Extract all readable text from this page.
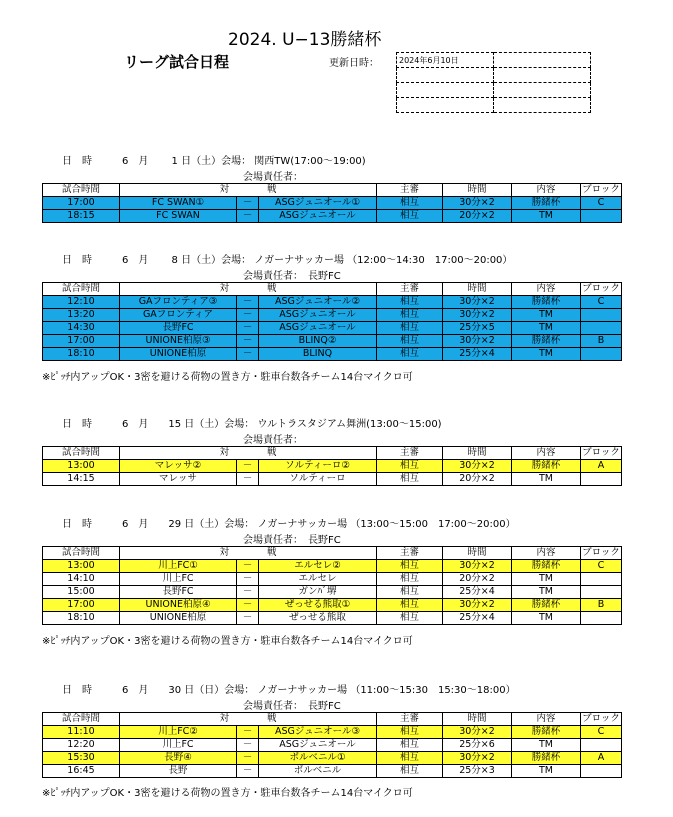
2024. U−13勝緒杯
リーグ試合日程	更新日時：	2024年6月10日	

日　時　　　6　月　　 1 日（土）会場： 関西TW(17:00～19:00)
会場責任者：
試合時間	対　　　　戦			主審	時間	内容	ブロック
17:00	FC SWAN①	－	ASGジュニオール①	相互	30分×2	勝緒杯	C
18:15	FC SWAN	－	ASGジュニオール	相互	20分×2	TM	
日　時　　　6　月　　 8 日（土）会場： ノガーナサッカー場 （12:00～14:30　17:00～20:00）
会場責任者：　長野FC
試合時間	対　　　　戦			主審	時間	内容	ブロック
12:10	GAフロンティア③	－	ASGジュニオール②	相互	30分×2	勝緒杯	C
13:20	GAフロンティア	－	ASGジュニオール	相互	30分×2	TM	
14:30	長野FC	－	ASGジュニオール	相互	25分×5	TM	
17:00	UNIONE柏原③	－	BLINQ②	相互	30分×2	勝緒杯	B
18:10	UNIONE柏原	－	BLINQ	相互	25分×4	TM	
※ﾋﾟｯﾁ内アップOK・3密を避ける荷物の置き方・駐車台数各チーム14台マイクロ可
日　時　　　6　月　　15 日（土）会場： ウルトラスタジアム舞洲(13:00～15:00)
会場責任者：
試合時間	対　　　　戦			主審	時間	内容	ブロック
13:00	マレッサ②	－	ソルティーロ②	相互	30分×2	勝緒杯	A
14:15	マレッサ	－	ソルティーロ	相互	20分×2	TM	
日　時　　　6　月　　29 日（土）会場： ノガーナサッカー場 （13:00～15:00　17:00～20:00）
会場責任者：　長野FC
試合時間	対　　　　戦			主審	時間	内容	ブロック
13:00	川上FC①	－	エルセレ②	相互	30分×2	勝緒杯	C
14:10	川上FC	－	エルセレ	相互	20分×2	TM	
15:00	長野FC	－	ガンﾊﾞ堺	相互	25分×4	TM	
17:00	UNIONE柏原④	－	ぜっせる熊取①	相互	30分×2	勝緒杯	B
18:10	UNIONE柏原	－	ぜっせる熊取	相互	25分×4	TM	
※ﾋﾟｯﾁ内アップOK・3密を避ける荷物の置き方・駐車台数各チーム14台マイクロ可
日　時　　　6　月　　30 日（日）会場： ノガーナサッカー場 （11:00～15:30　15:30～18:00）
会場責任者：　長野FC
試合時間	対　　　　戦			主審	時間	内容	ブロック
11:10	川上FC②	－	ASGジュニオール③	相互	30分×2	勝緒杯	C
12:20	川上FC	－	ASGジュニオール	相互	25分×6	TM	
15:30	長野④	－	ボルベニル①	相互	30分×2	勝緒杯	A
16:45	長野	－	ボルベニル	相互	25分×3	TM	
※ﾋﾟｯﾁ内アップOK・3密を避ける荷物の置き方・駐車台数各チーム14台マイクロ可
